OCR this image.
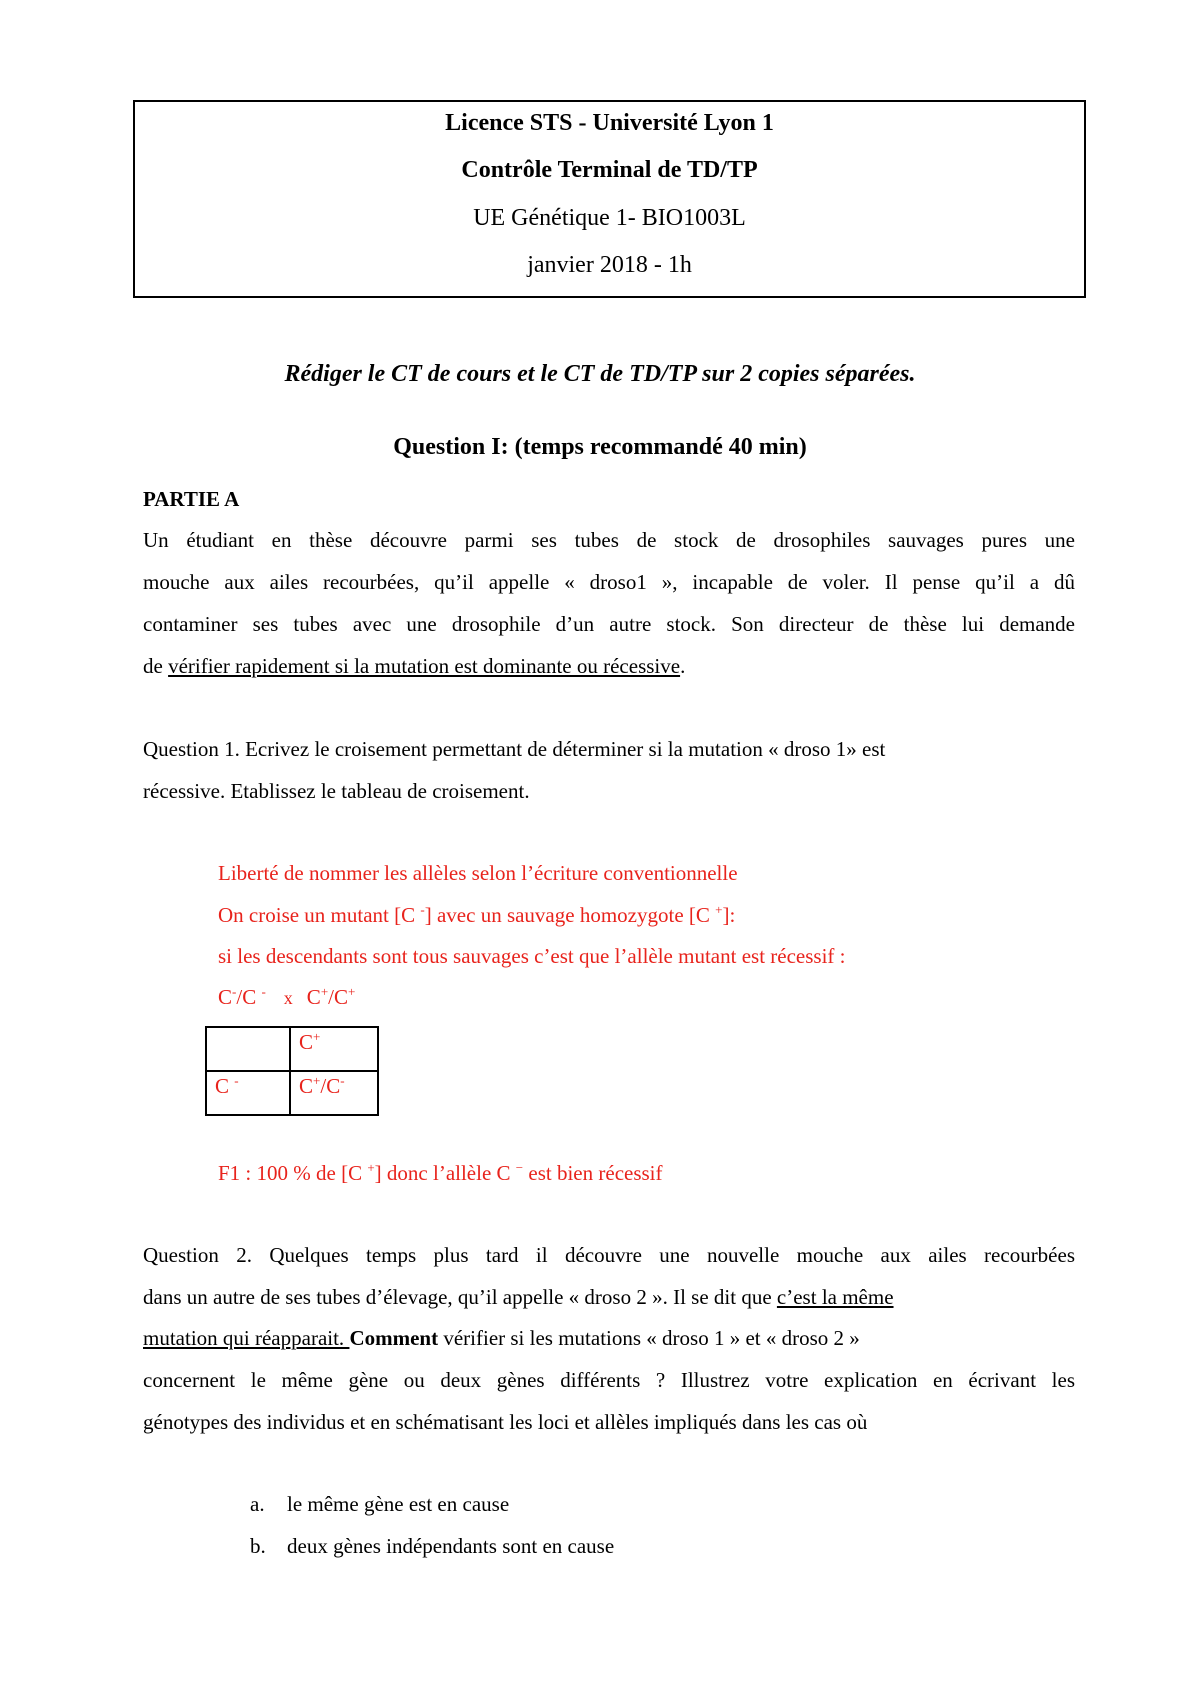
Licence STS - Université Lyon 1
Contrôle Terminal de TD/TP
UE Génétique 1- BIO1003L
janvier 2018 - 1h
Rédiger le CT de cours et le CT de TD/TP sur 2 copies séparées.
Question I: (temps recommandé 40 min)
PARTIE A
Un étudiant en thèse découvre parmi ses tubes de stock de drosophiles sauvages pures une
mouche aux ailes recourbées, qu’il appelle « droso1 », incapable de voler. Il pense qu’il a dû
contaminer ses tubes avec une drosophile d’un autre stock. Son directeur de thèse lui demande
de vérifier rapidement si la mutation est dominante ou récessive.
Question 1. Ecrivez le croisement permettant de déterminer si la mutation « droso 1» est
récessive. Etablissez le tableau de croisement.
Liberté de nommer les allèles selon l’écriture conventionnelle
On croise un mutant [C -] avec un sauvage homozygote [C +]:
si les descendants sont tous sauvages c’est que l’allèle mutant est récessif :
C-/C - x C+/C+
	C+
C -	C+/C-
F1 : 100 % de [C +] donc l’allèle C − est bien récessif
Question 2. Quelques temps plus tard il découvre une nouvelle mouche aux ailes recourbées
dans un autre de ses tubes d’élevage, qu’il appelle « droso 2 ». Il se dit que c’est la même
mutation qui réapparait. Comment vérifier si les mutations « droso 1 » et « droso 2 »
concernent le même gène ou deux gènes différents ? Illustrez votre explication en écrivant les
génotypes des individus et en schématisant les loci et allèles impliqués dans les cas où
a. le même gène est en cause
b. deux gènes indépendants sont en cause
